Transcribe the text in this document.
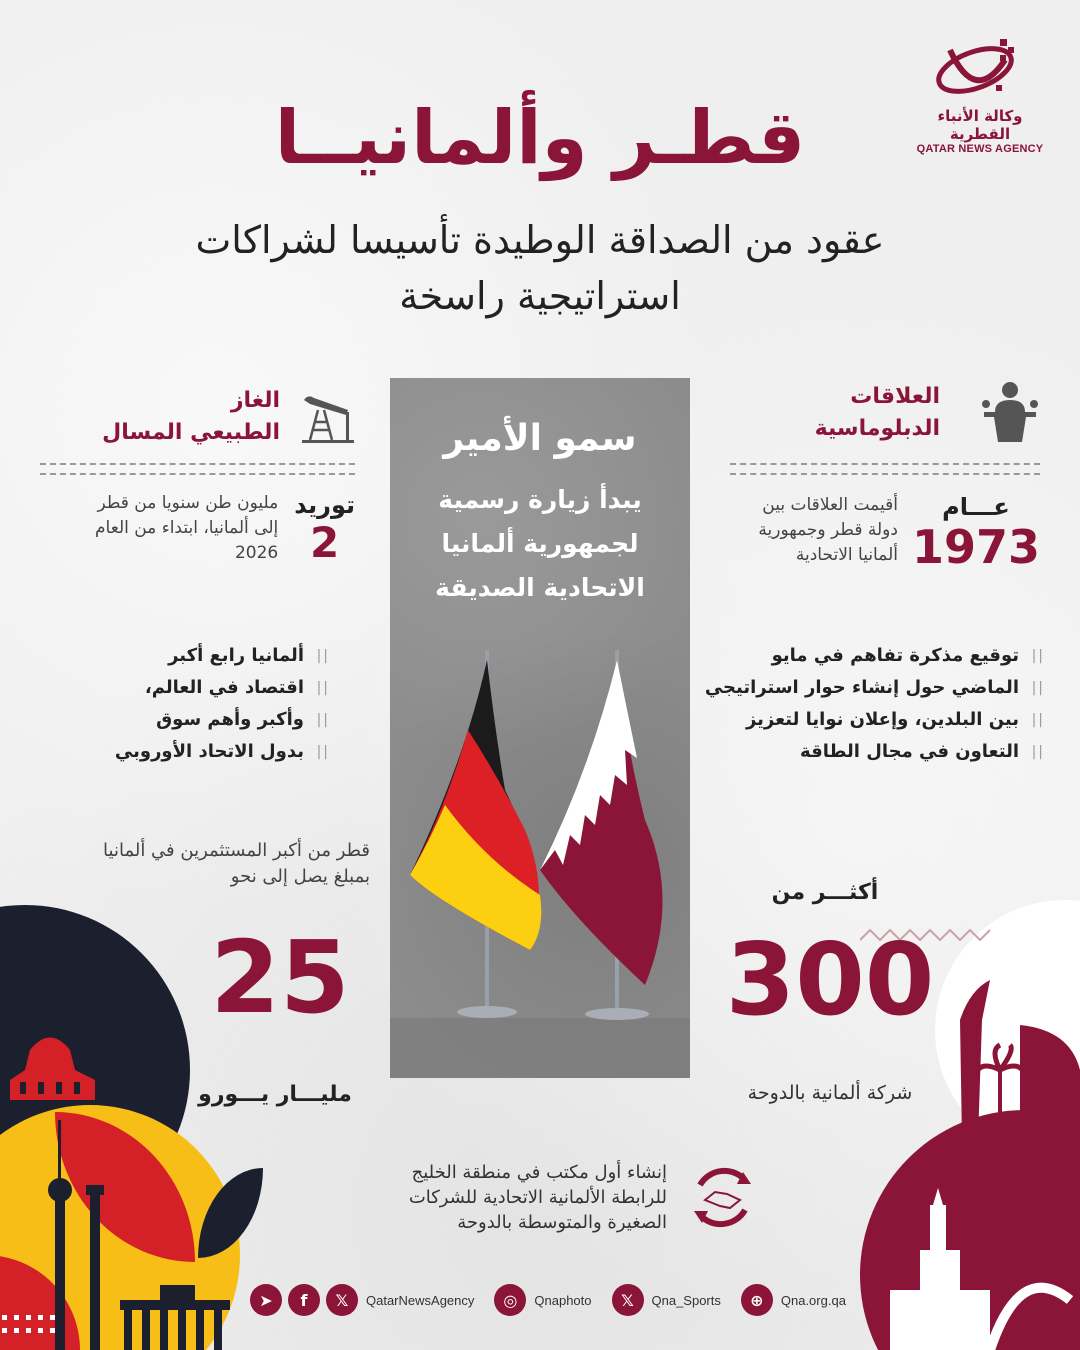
وكالة الأنباء القطرية
QATAR NEWS AGENCY
قطـر وألمانيــا
عقود من الصداقة الوطيدة تأسيسا لشراكات
استراتيجية راسخة
سمو الأمير
يبدأ زيارة رسمية
لجمهورية ألمانيا
الاتحادية الصديقة
العلاقات
الدبلوماسية
عـــام
1973
أقيمت العلاقات بين
دولة قطر وجمهورية
ألمانيا الاتحادية
الغاز
الطبيعي المسال
توريد
2
مليون طن سنويا من قطر
إلى ألمانيا، ابتداء من العام
2026
|| توقيع مذكرة تفاهم في مايو
|| الماضي حول إنشاء حوار استراتيجي
|| بين البلدين، وإعلان نوايا لتعزيز
|| التعاون في مجال الطاقة
|| ألمانيا رابع أكبر
|| اقتصاد في العالم،
|| وأكبر وأهم سوق
|| بدول الاتحاد الأوروبي
قطر من أكبر المستثمرين في ألمانيا
بمبلغ يصل إلى نحو
25
مليـــار يـــورو
أكثـــر من
300
شركة ألمانية بالدوحة
إنشاء أول مكتب في منطقة الخليج
للرابطة الألمانية الاتحادية للشركات
الصغيرة والمتوسطة بالدوحة
➤	f	𝕏	QatarNewsAgency	◎	Qnaphoto	𝕏	Qna_Sports	⊕	Qna.org.qa
